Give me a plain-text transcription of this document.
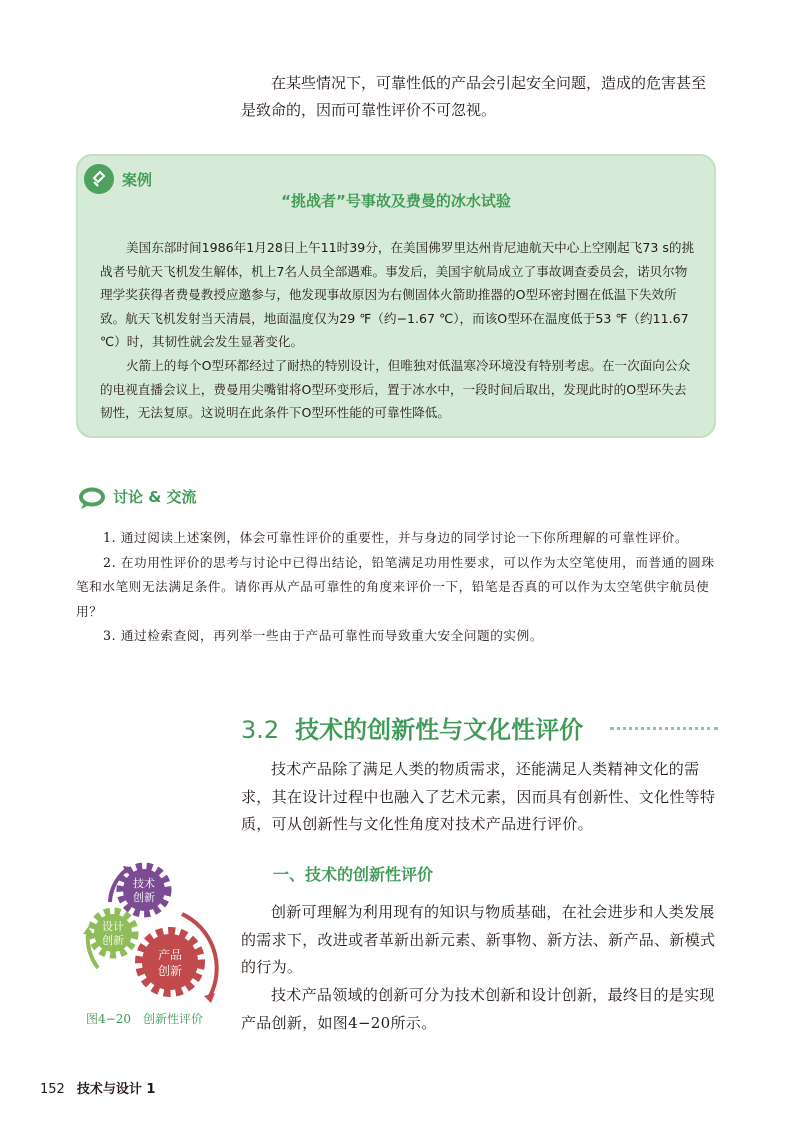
在某些情况下，可靠性低的产品会引起安全问题，造成的危害甚至是致命的，因而可靠性评价不可忽视。

案例
“挑战者”号事故及费曼的冰水试验

美国东部时间1986年1月28日上午11时39分，在美国佛罗里达州肯尼迪航天中心上空刚起飞73 s的挑战者号航天飞机发生解体，机上7名人员全部遇难。事发后，美国宇航局成立了事故调查委员会，诺贝尔物理学奖获得者费曼教授应邀参与，他发现事故原因为右侧固体火箭助推器的O型环密封圈在低温下失效所致。航天飞机发射当天清晨，地面温度仅为29 ℉（约−1.67 ℃），而该O型环在温度低于53 ℉（约11.67 ℃）时，其韧性就会发生显著变化。

火箭上的每个O型环都经过了耐热的特别设计，但唯独对低温寒冷环境没有特别考虑。在一次面向公众的电视直播会议上，费曼用尖嘴钳将O型环变形后，置于冰水中，一段时间后取出，发现此时的O型环失去韧性，无法复原。这说明在此条件下O型环性能的可靠性降低。

讨论 & 交流
1. 通过阅读上述案例，体会可靠性评价的重要性，并与身边的同学讨论一下你所理解的可靠性评价。
2. 在功用性评价的思考与讨论中已得出结论，铅笔满足功用性要求，可以作为太空笔使用，而普通的圆珠笔和水笔则无法满足条件。请你再从产品可靠性的角度来评价一下，铅笔是否真的可以作为太空笔供宇航员使用？
3. 通过检索查阅，再列举一些由于产品可靠性而导致重大安全问题的实例。
3.2 技术的创新性与文化性评价

技术产品除了满足人类的物质需求，还能满足人类精神文化的需求，其在设计过程中也融入了艺术元素，因而具有创新性、文化性等特质，可从创新性与文化性角度对技术产品进行评价。

一、技术的创新性评价

创新可理解为利用现有的知识与物质基础，在社会进步和人类发展的需求下，改进或者革新出新元素、新事物、新方法、新产品、新模式的行为。

技术产品领域的创新可分为技术创新和设计创新，最终目的是实现产品创新，如图4−20所示。

技术
创新
设计
创新
产品
创新
图4−20 创新性评价
152 技术与设计 1
